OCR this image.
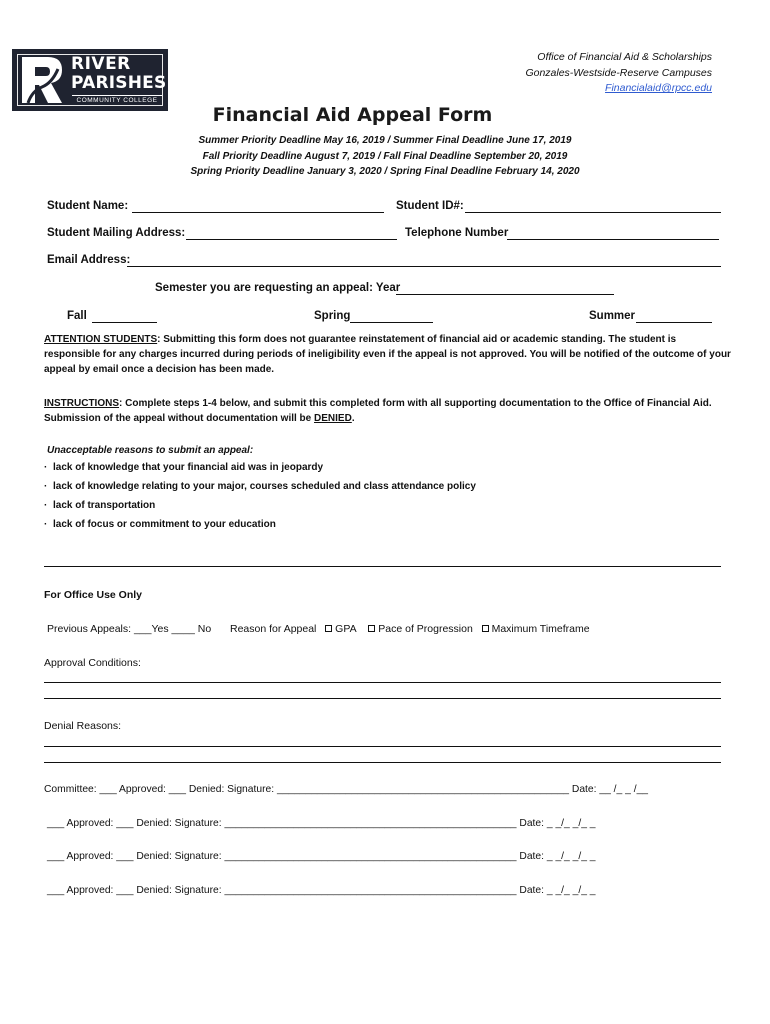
RIVER
PARISHES
COMMUNITY COLLEGE
Office of Financial Aid & Scholarships
Gonzales-Westside-Reserve Campuses
Financialaid@rpcc.edu
Financial Aid Appeal Form
Summer Priority Deadline May 16, 2019 / Summer Final Deadline June 17, 2019
Fall Priority Deadline August 7, 2019 / Fall Final Deadline September 20, 2019
Spring Priority Deadline January 3, 2020 / Spring Final Deadline February 14, 2020
Student Name:	Student ID#:
Student Mailing Address:	Telephone Number
Email Address:
Semester you are requesting an appeal: Year
Fall	Spring	Summer
ATTENTION STUDENTS: Submitting this form does not guarantee reinstatement of financial aid or academic standing. The student is responsible for any charges incurred during periods of ineligibility even if the appeal is not approved. You will be notified of the outcome of your appeal by email once a decision has been made.
INSTRUCTIONS: Complete steps 1-4 below, and submit this completed form with all supporting documentation to the Office of Financial Aid. Submission of the appeal without documentation will be DENIED.
Unacceptable reasons to submit an appeal:
· lack of knowledge that your financial aid was in jeopardy
· lack of knowledge relating to your major, courses scheduled and class attendance policy
· lack of transportation
· lack of focus or commitment to your education
For Office Use Only
Previous Appeals: ___Yes ____ No Reason for Appeal GPA Pace of Progression Maximum Timeframe
Approval Conditions:
Denial Reasons:
Committee: ___ Approved: ___ Denied: Signature: ___________________________________________________ Date: __ /_ _ /__
___ Approved: ___ Denied: Signature: ___________________________________________________ Date: _ _/_ _/_ _
___ Approved: ___ Denied: Signature: ___________________________________________________ Date: _ _/_ _/_ _
___ Approved: ___ Denied: Signature: ___________________________________________________ Date: _ _/_ _/_ _
